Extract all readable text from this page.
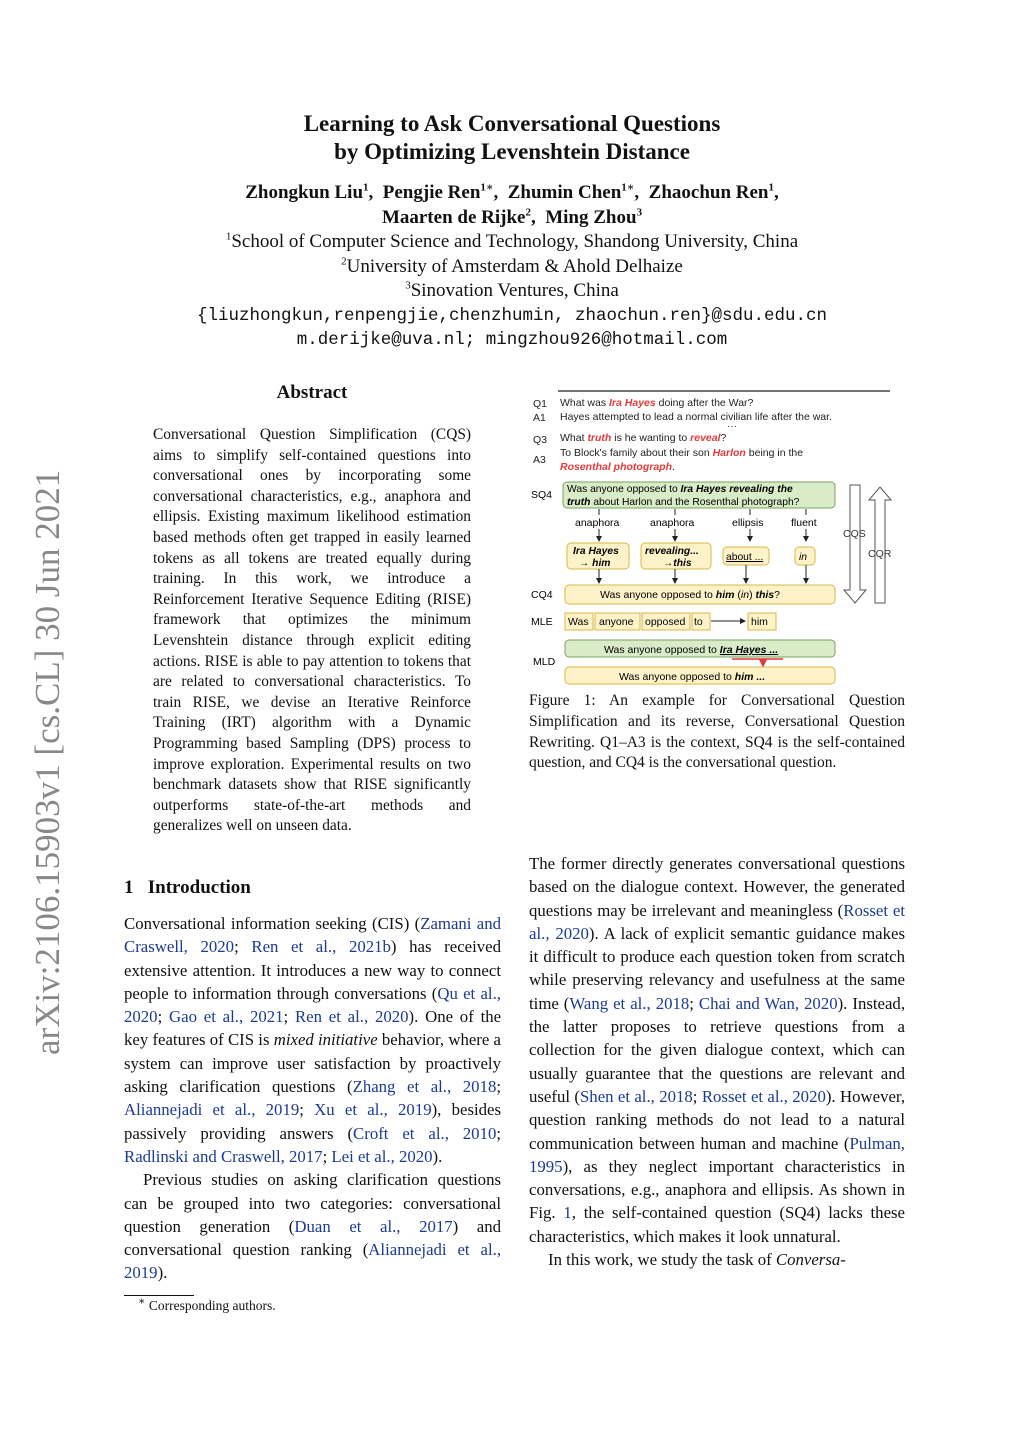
Learning to Ask Conversational Questions
by Optimizing Levenshtein Distance
Zhongkun Liu$^1$,  Pengjie Ren$^{1∗}$,  Zhumin Chen$^{1∗}$,  Zhaochun Ren$^1$,
Maarten de Rijke$^2$,  Ming Zhou$^3$
$^1$School of Computer Science and Technology, Shandong University, China
$^2$University of Amsterdam & Ahold Delhaize
$^3$Sinovation Ventures, China
{liuzhongkun,renpengjie,chenzhumin, zhaochun.ren}@sdu.edu.cn
m.derijke@uva.nl; mingzhou926@hotmail.com
arXiv:2106.15903v1 [cs.CL] 30 Jun 2021
Abstract
Conversational Question Simplification (CQS) aims to simplify self-contained questions into conversational ones by incorporating some conversational characteristics, e.g., anaphora and ellipsis. Existing maximum likelihood estimation based methods often get trapped in easily learned tokens as all tokens are treated equally during training. In this work, we introduce a Reinforcement Iterative Sequence Editing (RISE) framework that optimizes the minimum Levenshtein distance through explicit editing actions. RISE is able to pay attention to tokens that are related to conversational characteristics. To train RISE, we devise an Iterative Reinforce Training (IRT) algorithm with a Dynamic Programming based Sampling (DPS) process to improve exploration. Experimental results on two benchmark datasets show that RISE significantly outperforms state-of-the-art methods and generalizes well on unseen data.
1 Introduction

Conversational information seeking (CIS) (Zamani and Craswell, 2020; Ren et al., 2021b) has received extensive attention. It introduces a new way to connect people to information through conversations (Qu et al., 2020; Gao et al., 2021; Ren et al., 2020). One of the key features of CIS is mixed initiative behavior, where a system can improve user satisfaction by proactively asking clarification questions (Zhang et al., 2018; Aliannejadi et al., 2019; Xu et al., 2019), besides passively providing answers (Croft et al., 2010; Radlinski and Craswell, 2017; Lei et al., 2020).

Previous studies on asking clarification questions can be grouped into two categories: conversational question generation (Duan et al., 2017) and conversational question ranking (Aliannejadi et al., 2019).

∗ Corresponding authors.
Q1 What was Ira Hayes doing after the War?
A1 Hayes attempted to lead a normal civilian life after the war.
···
Q3 What truth is he wanting to reveal?
A3
To Block's family about their son Harlon being in the
Rosenthal photograph.
SQ4 Was anyone opposed to Ira Hayes revealing the
truth about Harlon and the Rosenthal photograph?
anaphora	anaphora	ellipsis	fluent
Ira Hayes
→ him
revealing...
→this
about ...	in
CQS
CQR
CQ4	Was anyone opposed to him (in) this?
MLE Was anyone opposed to	him
MLD
Was anyone opposed to Ira Hayes ...
Was anyone opposed to him ...
Figure 1: An example for Conversational Question Simplification and its reverse, Conversational Question Rewriting. Q1–A3 is the context, SQ4 is the self-contained question, and CQ4 is the conversational question.

The former directly generates conversational questions based on the dialogue context. However, the generated questions may be irrelevant and meaningless (Rosset et al., 2020). A lack of explicit semantic guidance makes it difficult to produce each question token from scratch while preserving relevancy and usefulness at the same time (Wang et al., 2018; Chai and Wan, 2020). Instead, the latter proposes to retrieve questions from a collection for the given dialogue context, which can usually guarantee that the questions are relevant and useful (Shen et al., 2018; Rosset et al., 2020). However, question ranking methods do not lead to a natural communication between human and machine (Pulman, 1995), as they neglect important characteristics in conversations, e.g., anaphora and ellipsis. As shown in Fig. 1, the self-contained question (SQ4) lacks these characteristics, which makes it look unnatural.

In this work, we study the task of Conversa-
